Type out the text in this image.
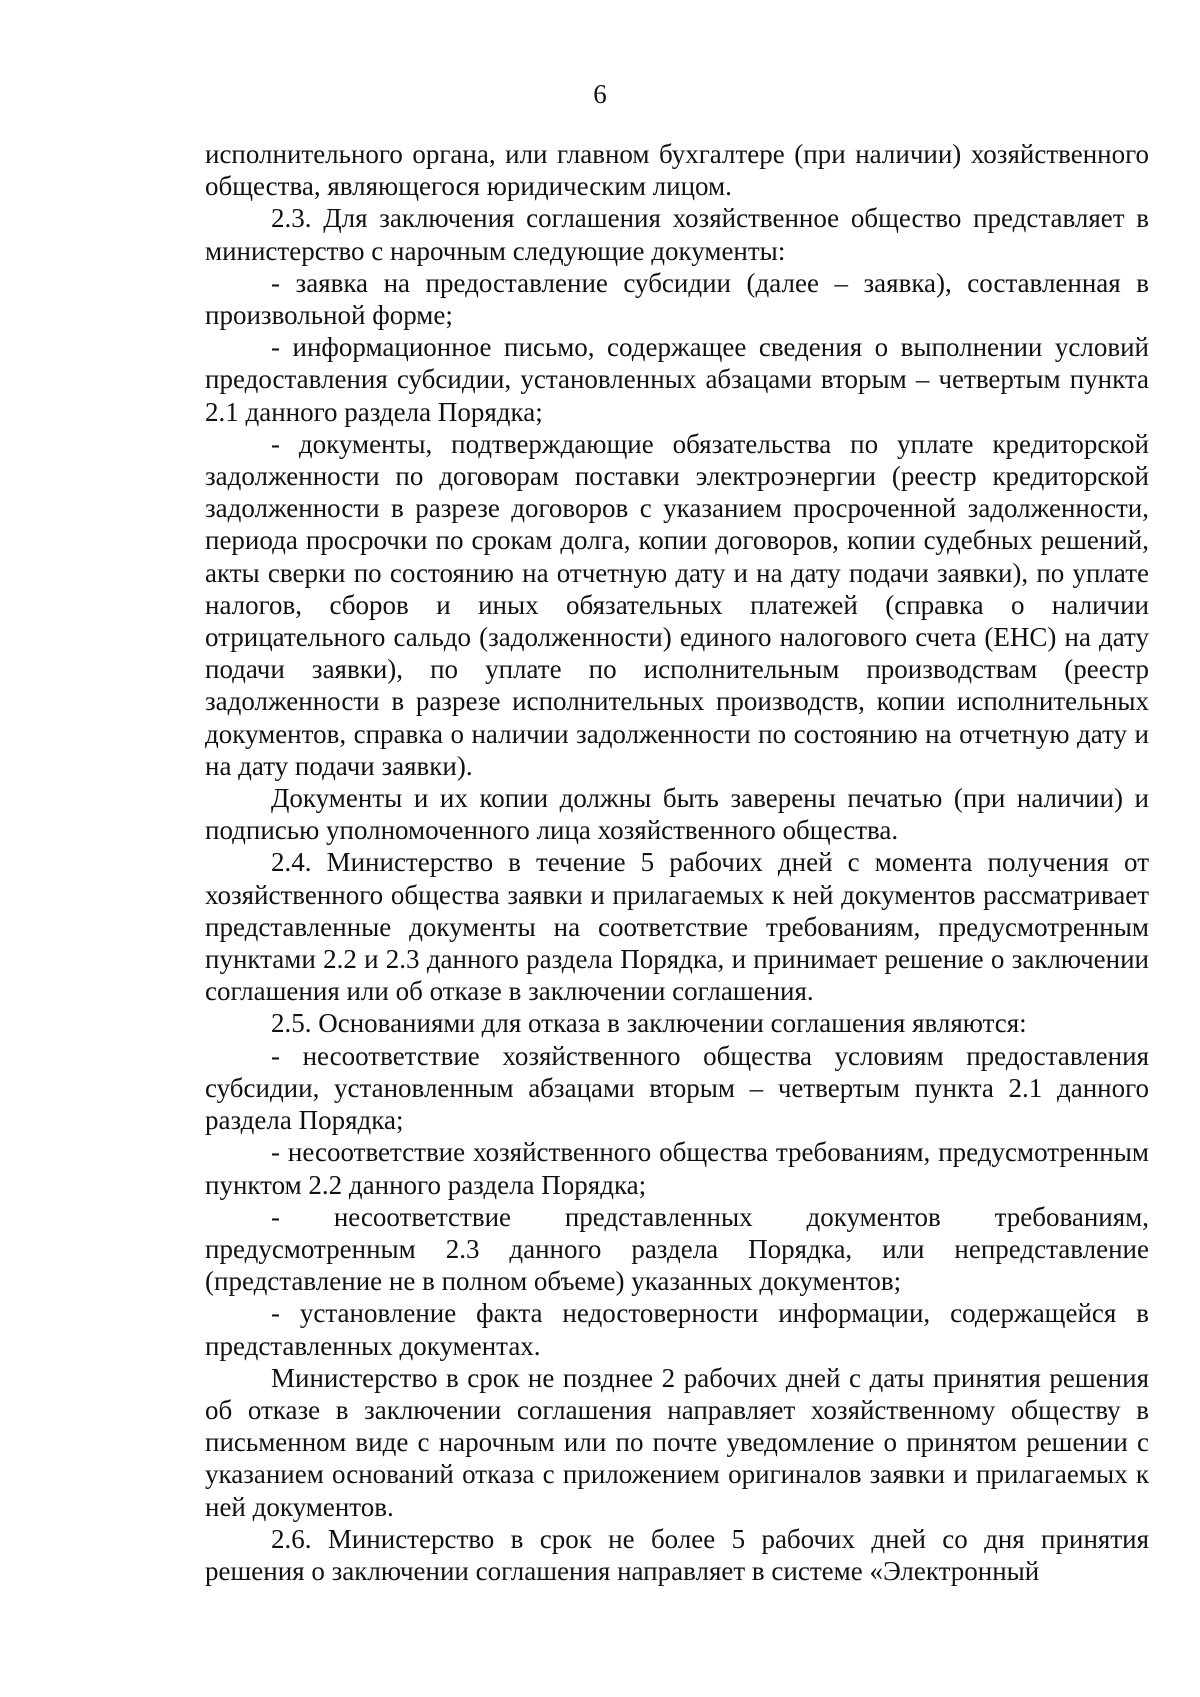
6

исполнительного органа, или главном бухгалтере (при наличии) хозяйственного общества, являющегося юридическим лицом.

2.3. Для заключения соглашения хозяйственное общество представляет в министерство с нарочным следующие документы:

- заявка на предоставление субсидии (далее – заявка), составленная в произвольной форме;

- информационное письмо, содержащее сведения о выполнении условий предоставления субсидии, установленных абзацами вторым – четвертым пункта 2.1 данного раздела Порядка;

- документы, подтверждающие обязательства по уплате кредиторской задолженности по договорам поставки электроэнергии (реестр кредиторской задолженности в разрезе договоров с указанием просроченной задолженности, периода просрочки по срокам долга, копии договоров, копии судебных решений, акты сверки по состоянию на отчетную дату и на дату подачи заявки), по уплате налогов, сборов и иных обязательных платежей (справка о наличии отрицательного сальдо (задолженности) единого налогового счета (ЕНС) на дату подачи заявки), по уплате по исполнительным производствам (реестр задолженности в разрезе исполнительных производств, копии исполнительных документов, справка о наличии задолженности по состоянию на отчетную дату и на дату подачи заявки).

Документы и их копии должны быть заверены печатью (при наличии) и подписью уполномоченного лица хозяйственного общества.

2.4. Министерство в течение 5 рабочих дней с момента получения от хозяйственного общества заявки и прилагаемых к ней документов рассматривает представленные документы на соответствие требованиям, предусмотренным пунктами 2.2 и 2.3 данного раздела Порядка, и принимает решение о заключении соглашения или об отказе в заключении соглашения.

2.5. Основаниями для отказа в заключении соглашения являются:

- несоответствие хозяйственного общества условиям предоставления субсидии, установленным абзацами вторым – четвертым пункта 2.1 данного раздела Порядка;

- несоответствие хозяйственного общества требованиям, предусмотренным пунктом 2.2 данного раздела Порядка;

- несоответствие представленных документов требованиям, предусмотренным 2.3 данного раздела Порядка, или непредставление (представление не в полном объеме) указанных документов;

- установление факта недостоверности информации, содержащейся в представленных документах.

Министерство в срок не позднее 2 рабочих дней с даты принятия решения об отказе в заключении соглашения направляет хозяйственному обществу в письменном виде с нарочным или по почте уведомление о принятом решении с указанием оснований отказа с приложением оригиналов заявки и прилагаемых к ней документов.

2.6. Министерство в срок не более 5 рабочих дней со дня принятия решения о заключении соглашения направляет в системе «Электронный
